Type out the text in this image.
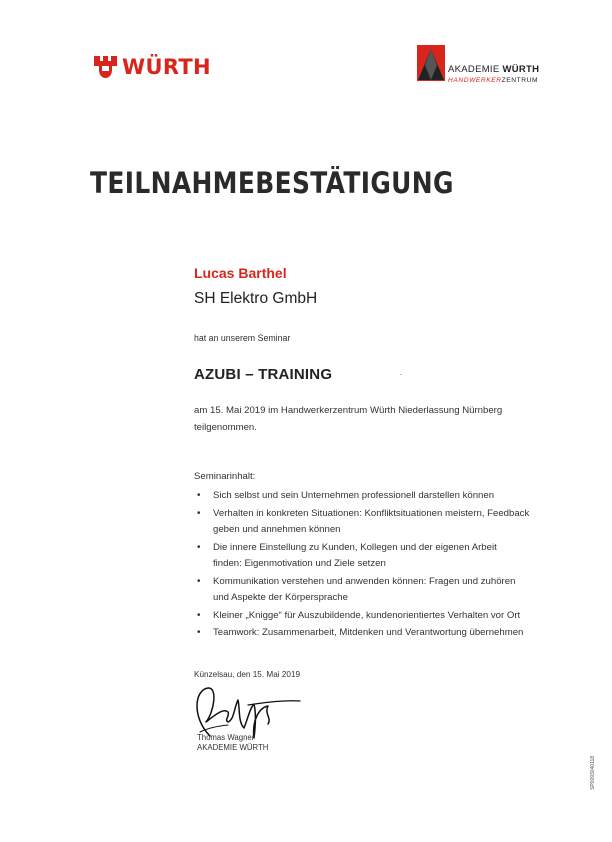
WÜRTH	AKADEMIE WÜRTH
HANDWERKERZENTRUM
TEILNAHMEBESTÄTIGUNG
Lucas Barthel
SH Elektro GmbH
hat an unserem Seminar
AZUBI – TRAINING
am 15. Mai 2019 im Handwerkerzentrum Würth Niederlassung Nürnberg
teilgenommen.
Seminarinhalt:
• Sich selbst und sein Unternehmen professionell darstellen können
• Verhalten in konkreten Situationen: Konfliktsituationen meistern, Feedback
geben und annehmen können
• Die innere Einstellung zu Kunden, Kollegen und der eigenen Arbeit
finden: Eigenmotivation und Ziele setzen
• Kommunikation verstehen und anwenden können: Fragen und zuhören
und Aspekte der Körpersprache
• Kleiner „Knigge“ für Auszubildende, kundenorientiertes Verhalten vor Ort
• Teamwork: Zusammenarbeit, Mitdenken und Verantwortung übernehmen
Künzelsau, den 15. Mai 2019
Thomas Wagner
AKADEMIE WÜRTH
SP0093040118
